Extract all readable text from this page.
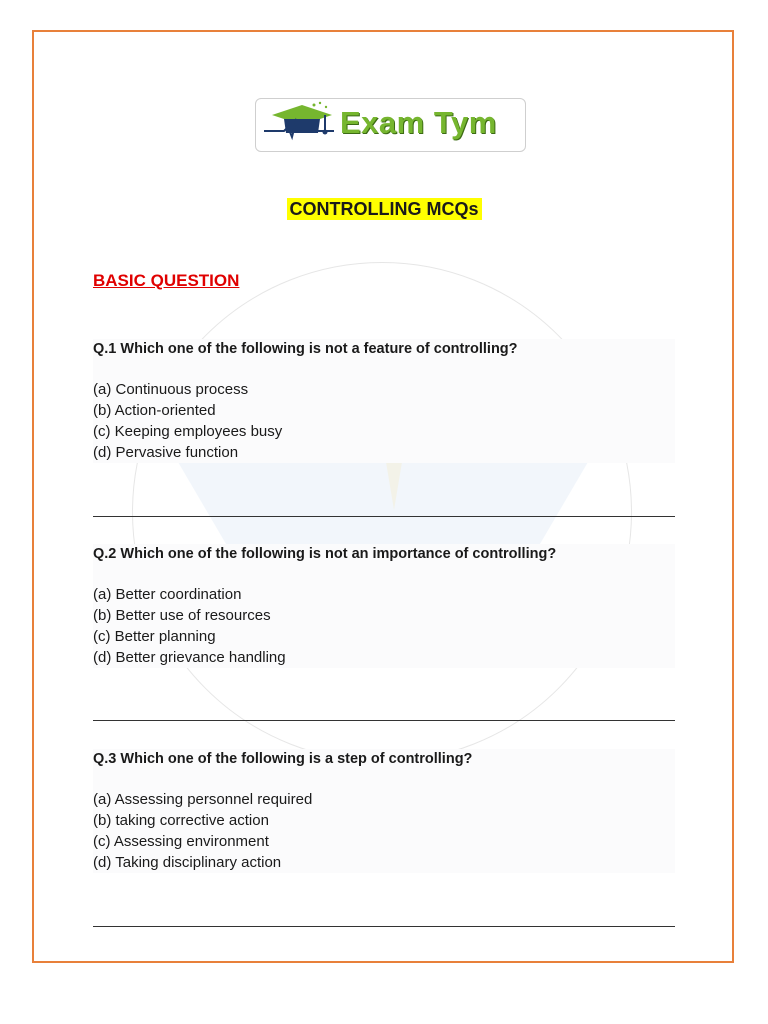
Exam Tym
CONTROLLING MCQs
BASIC QUESTION

Q.1 Which one of the following is not a feature of controlling?

(a) Continuous process
(b) Action-oriented
(c) Keeping employees busy
(d) Pervasive function

Q.2 Which one of the following is not an importance of controlling?

(a) Better coordination
(b) Better use of resources
(c) Better planning
(d) Better grievance handling

Q.3 Which one of the following is a step of controlling?

(a) Assessing personnel required
(b) taking corrective action
(c) Assessing environment
(d) Taking disciplinary action
